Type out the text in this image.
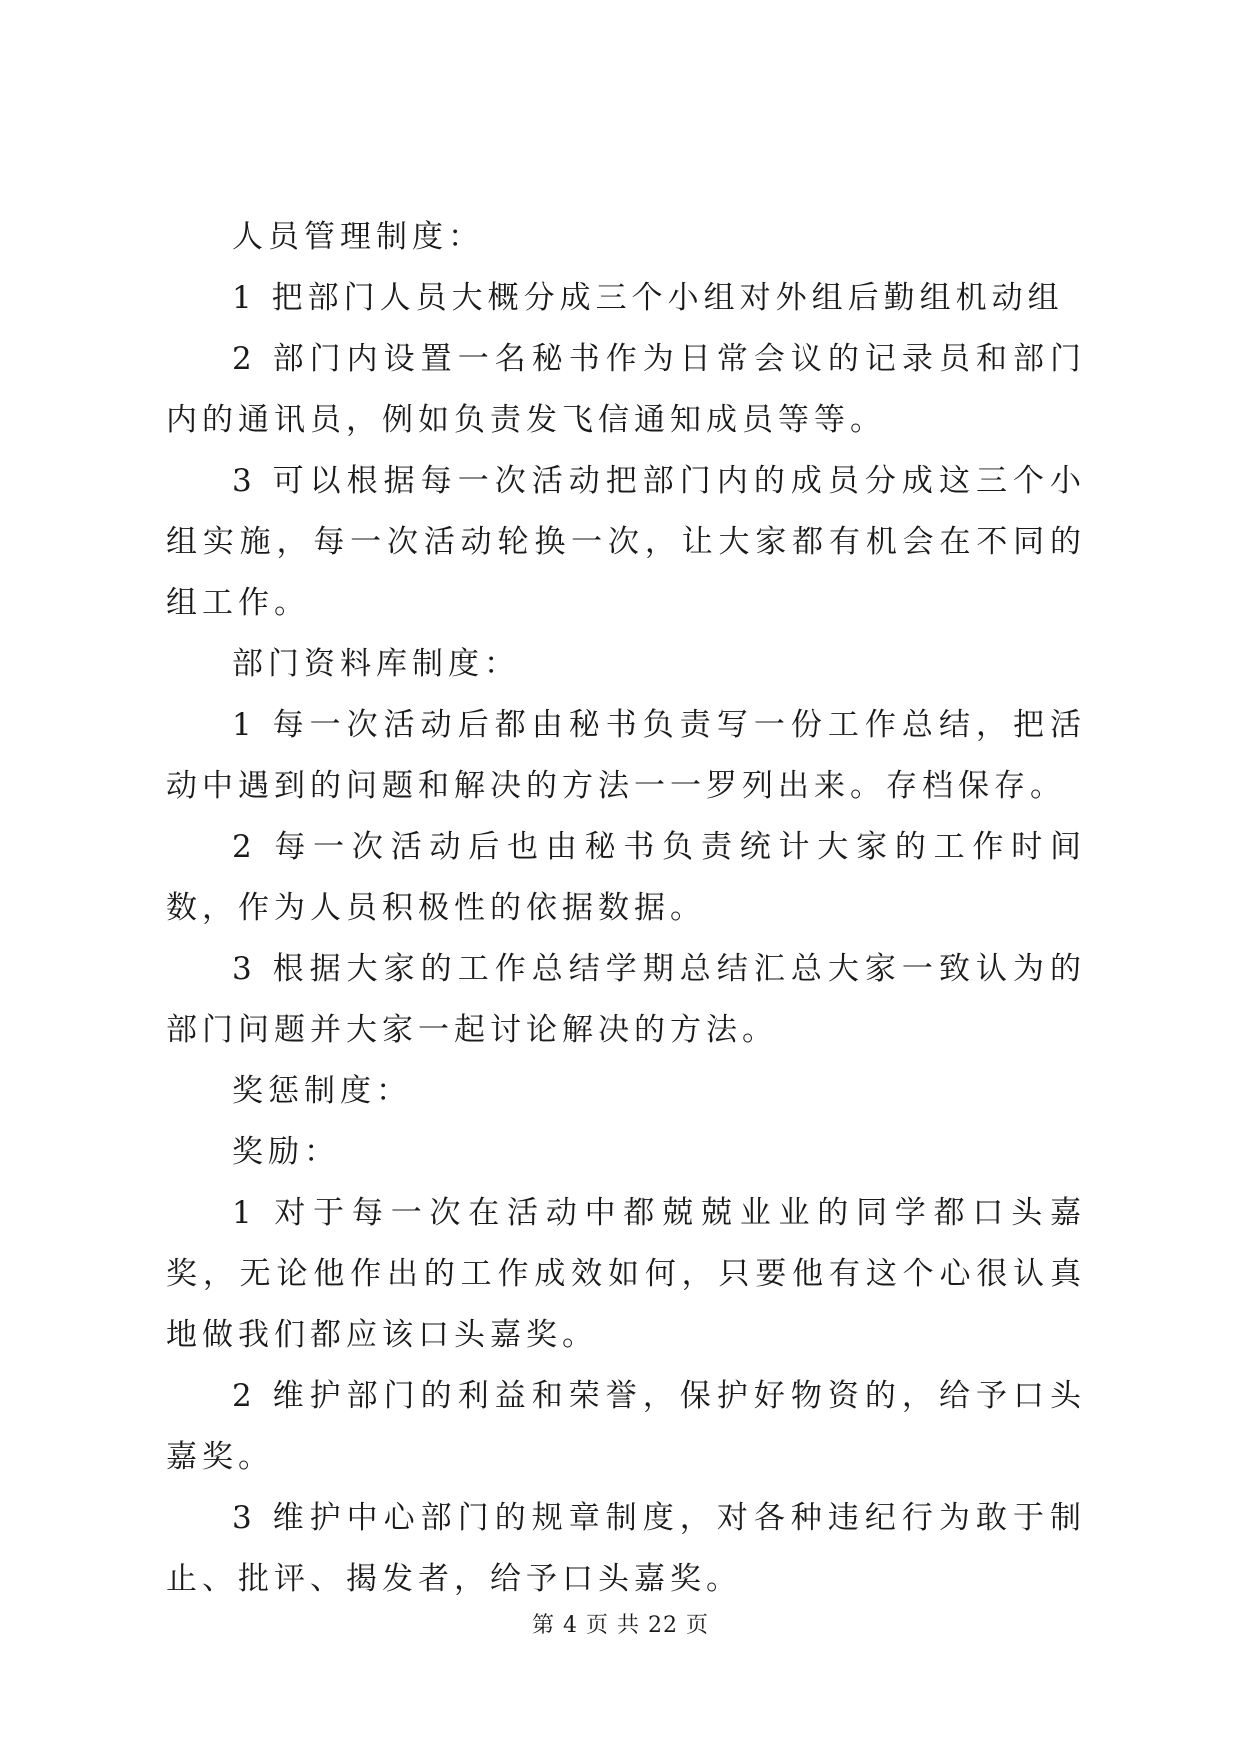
人员管理制度：

1 把部门人员大概分成三个小组对外组后勤组机动组

2 部门内设置一名秘书作为日常会议的记录员和部门内的通讯员，例如负责发飞信通知成员等等。

3 可以根据每一次活动把部门内的成员分成这三个小组实施，每一次活动轮换一次，让大家都有机会在不同的组工作。

部门资料库制度：

1 每一次活动后都由秘书负责写一份工作总结，把活动中遇到的问题和解决的方法一一罗列出来。存档保存。

2 每一次活动后也由秘书负责统计大家的工作时间数，作为人员积极性的依据数据。

3 根据大家的工作总结学期总结汇总大家一致认为的部门问题并大家一起讨论解决的方法。

奖惩制度：

奖励：

1 对于每一次在活动中都兢兢业业的同学都口头嘉奖，无论他作出的工作成效如何，只要他有这个心很认真地做我们都应该口头嘉奖。

2 维护部门的利益和荣誉，保护好物资的，给予口头嘉奖。

3 维护中心部门的规章制度，对各种违纪行为敢于制止、批评、揭发者，给予口头嘉奖。

第 4 页 共 22 页
